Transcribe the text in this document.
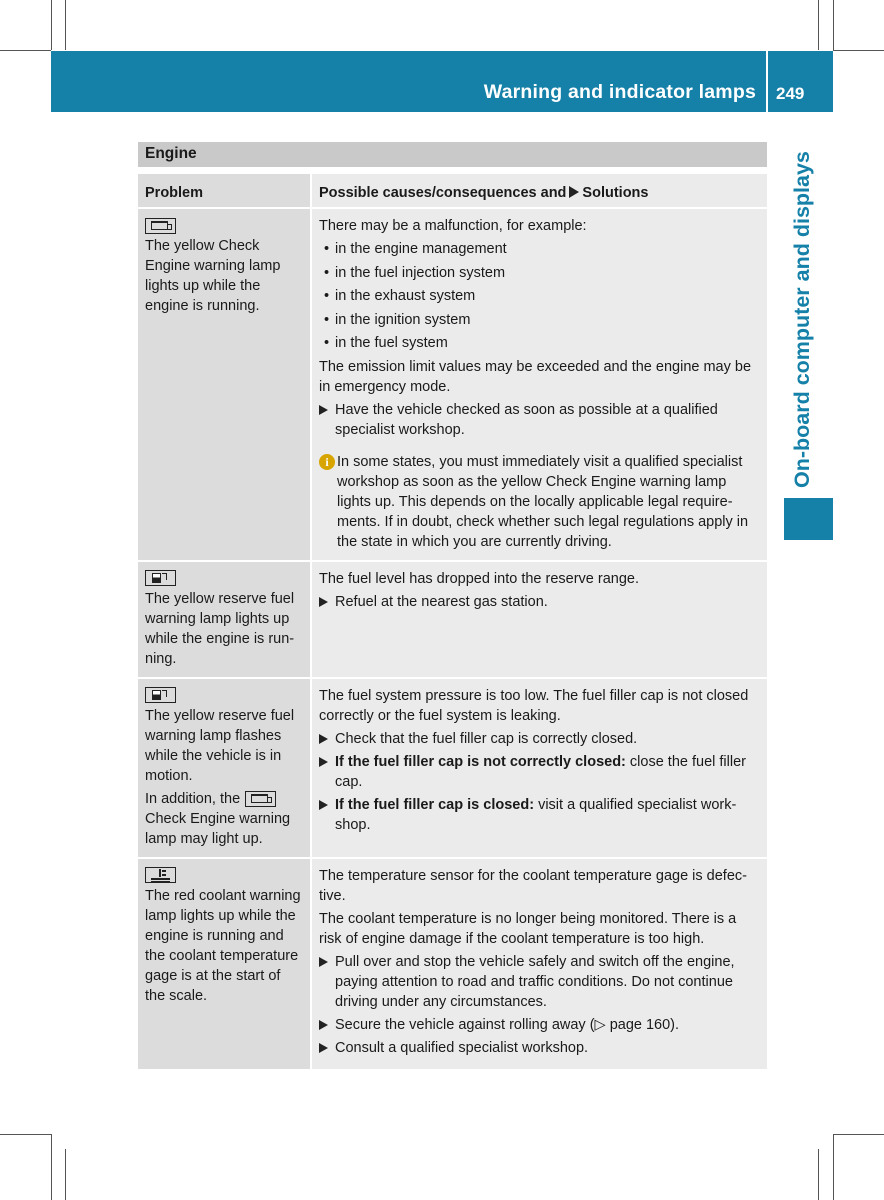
Warning and indicator lamps 249
On-board computer and displays
Engine
Problem	Possible causes/consequences and Solutions
The yellow Check Engine warning lamp lights up while the engine is running.

There may be a malfunction, for example:

• in the engine management
• in the fuel injection system
• in the exhaust system
• in the ignition system
• in the fuel system

The emission limit values may be exceeded and the engine may be in emergency mode.

Have the vehicle checked as soon as possible at a qualified specialist workshop.
i In some states, you must immediately visit a qualified specialist workshop as soon as the yellow Check Engine warning lamp lights up. This depends on the locally applicable legal requirements. If in doubt, check whether such legal regulations apply in the state in which you are currently driving.
The yellow reserve fuel warning lamp lights up while the engine is running.

The fuel level has dropped into the reserve range.

Refuel at the nearest gas station.
The yellow reserve fuel warning lamp flashes while the vehicle is in motion.
In addition, the
Check Engine warning lamp may light up.

The fuel system pressure is too low. The fuel filler cap is not closed correctly or the fuel system is leaking.

Check that the fuel filler cap is correctly closed.
If the fuel filler cap is not correctly closed: close the fuel filler cap.
If the fuel filler cap is closed: visit a qualified specialist workshop.
The red coolant warning lamp lights up while the engine is running and the coolant temperature gage is at the start of the scale.

The temperature sensor for the coolant temperature gage is defective.

The coolant temperature is no longer being monitored. There is a risk of engine damage if the coolant temperature is too high.

Pull over and stop the vehicle safely and switch off the engine, paying attention to road and traffic conditions. Do not continue driving under any circumstances.
Secure the vehicle against rolling away (▷ page 160).
Consult a qualified specialist workshop.
